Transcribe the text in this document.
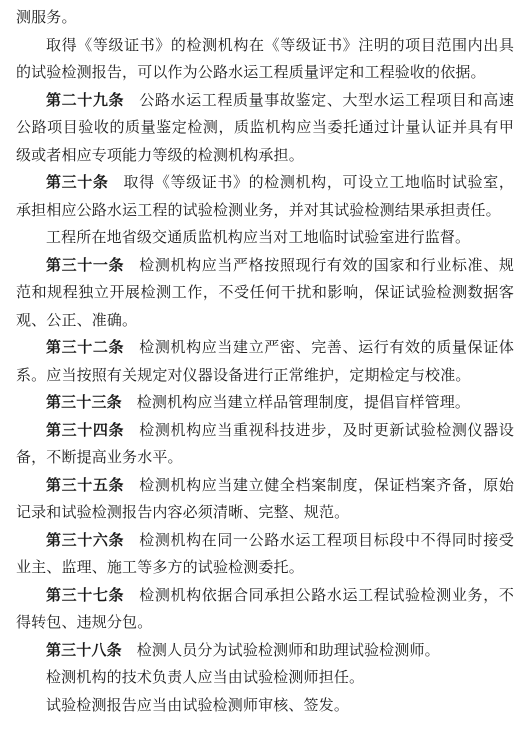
测服务。

取得《等级证书》的检测机构在《等级证书》注明的项目范围内出具的试验检测报告，可以作为公路水运工程质量评定和工程验收的依据。

第二十九条 公路水运工程质量事故鉴定、大型水运工程项目和高速公路项目验收的质量鉴定检测，质监机构应当委托通过计量认证并具有甲级或者相应专项能力等级的检测机构承担。

第三十条 取得《等级证书》的检测机构，可设立工地临时试验室，承担相应公路水运工程的试验检测业务，并对其试验检测结果承担责任。

工程所在地省级交通质监机构应当对工地临时试验室进行监督。

第三十一条 检测机构应当严格按照现行有效的国家和行业标准、规范和规程独立开展检测工作，不受任何干扰和影响，保证试验检测数据客观、公正、准确。

第三十二条 检测机构应当建立严密、完善、运行有效的质量保证体系。应当按照有关规定对仪器设备进行正常维护，定期检定与校准。

第三十三条 检测机构应当建立样品管理制度，提倡盲样管理。

第三十四条 检测机构应当重视科技进步，及时更新试验检测仪器设备，不断提高业务水平。

第三十五条 检测机构应当建立健全档案制度，保证档案齐备，原始记录和试验检测报告内容必须清晰、完整、规范。

第三十六条 检测机构在同一公路水运工程项目标段中不得同时接受业主、监理、施工等多方的试验检测委托。

第三十七条 检测机构依据合同承担公路水运工程试验检测业务，不得转包、违规分包。

第三十八条 检测人员分为试验检测师和助理试验检测师。

检测机构的技术负责人应当由试验检测师担任。

试验检测报告应当由试验检测师审核、签发。
